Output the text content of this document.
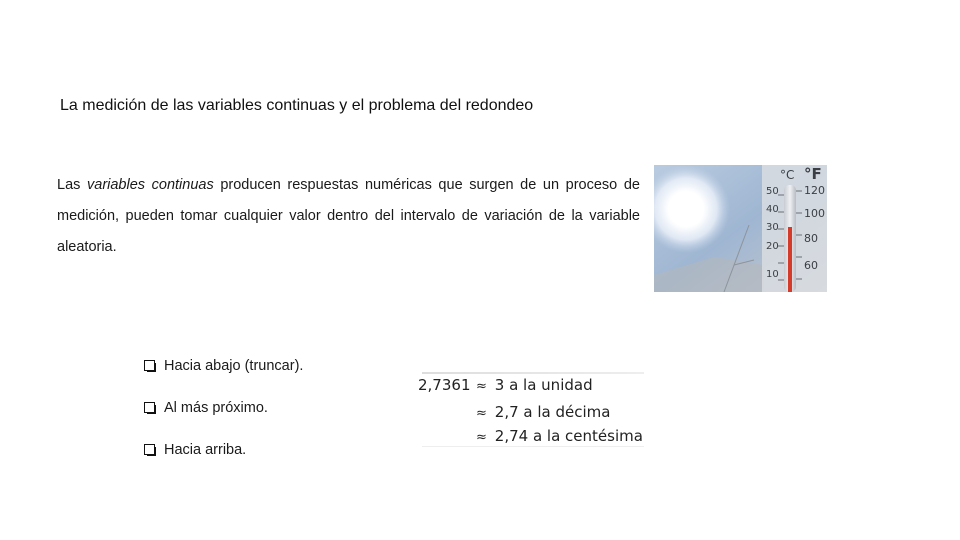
La medición de las variables continuas y el problema del redondeo

Las variables continuas producen respuestas numéricas que surgen de un proceso de medición, pueden tomar cualquier valor dentro del intervalo de variación de la variable aleatoria.

°C °F
50
40
30
20
10
120
100
80
60
Hacia abajo (truncar).
Al más próximo.
Hacia arriba.
2,7361 ≈ 3 a la unidad
≈ 2,7 a la décima
≈ 2,74 a la centésima
